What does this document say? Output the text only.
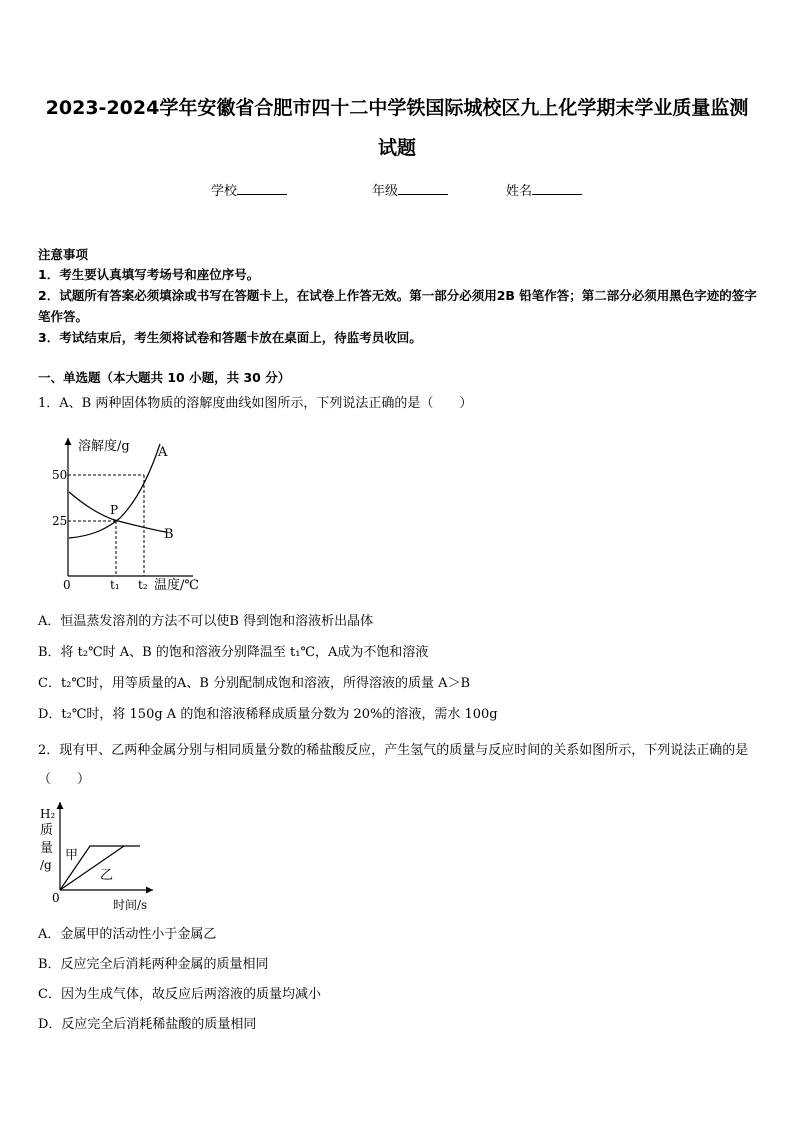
2023-2024学年安徽省合肥市四十二中学铁国际城校区九上化学期末学业质量监测试题
学校	年级	姓名
注意事项
1．考生要认真填写考场号和座位序号。
2．试题所有答案必须填涂或书写在答题卡上，在试卷上作答无效。第一部分必须用2B 铅笔作答；第二部分必须用黑色字迹的签字笔作答。
3．考试结束后，考生须将试卷和答题卡放在桌面上，待监考员收回。
一、单选题（本大题共 10 小题，共 30 分）
1．A、B 两种固体物质的溶解度曲线如图所示，下列说法正确的是（　　）
溶解度/g
50
25
0	t₁ t₂ 温度/℃
A
B
P
A．恒温蒸发溶剂的方法不可以使B 得到饱和溶液析出晶体
B．将 t₂℃时 A、B 的饱和溶液分别降温至 t₁℃，A成为不饱和溶液
C．t₂℃时，用等质量的A、B 分别配制成饱和溶液，所得溶液的质量 A＞B
D．t₂℃时，将 150g A 的饱和溶液稀释成质量分数为 20%的溶液，需水 100g
2．现有甲、乙两种金属分别与相同质量分数的稀盐酸反应，产生氢气的质量与反应时间的关系如图所示，下列说法正确的是（　　）
H₂
质
量
/g
0	时间/s
甲
乙
A．金属甲的活动性小于金属乙
B．反应完全后消耗两种金属的质量相同
C．因为生成气体，故反应后两溶液的质量均减小
D．反应完全后消耗稀盐酸的质量相同
